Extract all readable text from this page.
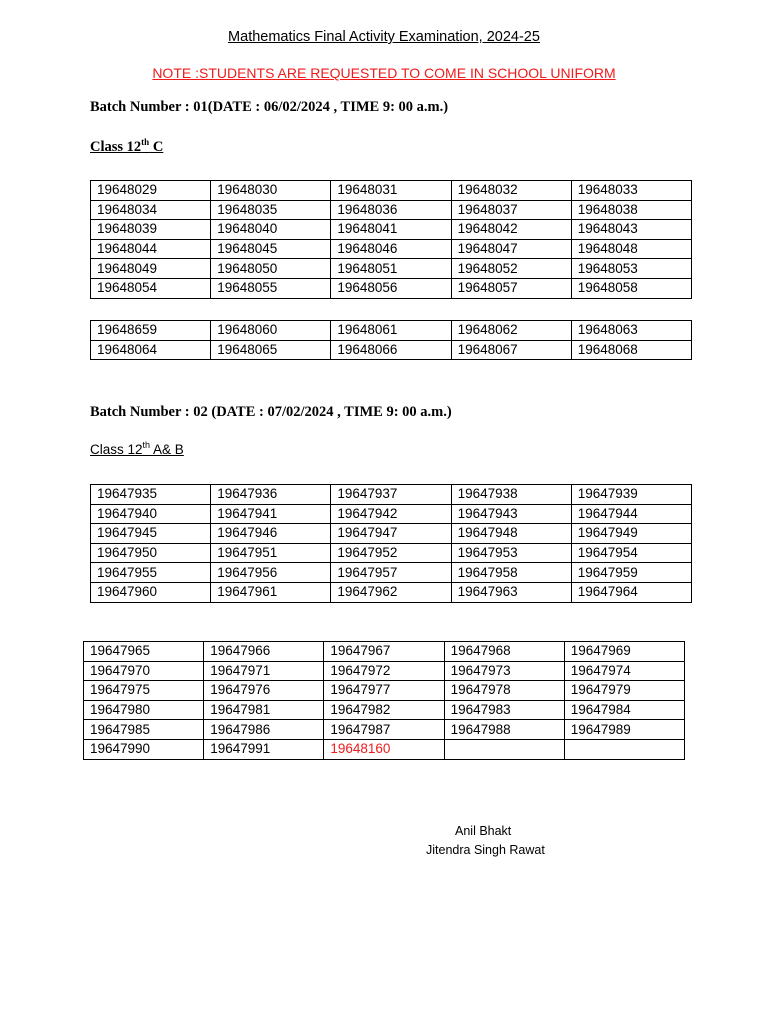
Mathematics Final Activity Examination, 2024-25
NOTE :STUDENTS ARE REQUESTED TO COME IN SCHOOL UNIFORM
Batch Number : 01(DATE : 06/02/2024 , TIME 9: 00 a.m.)
Class 12th C
19648029	19648030	19648031	19648032	19648033
19648034	19648035	19648036	19648037	19648038
19648039	19648040	19648041	19648042	19648043
19648044	19648045	19648046	19648047	19648048
19648049	19648050	19648051	19648052	19648053
19648054	19648055	19648056	19648057	19648058
19648659	19648060	19648061	19648062	19648063
19648064	19648065	19648066	19648067	19648068
Batch Number : 02 (DATE : 07/02/2024 , TIME 9: 00 a.m.)
Class 12th A& B
19647935	19647936	19647937	19647938	19647939
19647940	19647941	19647942	19647943	19647944
19647945	19647946	19647947	19647948	19647949
19647950	19647951	19647952	19647953	19647954
19647955	19647956	19647957	19647958	19647959
19647960	19647961	19647962	19647963	19647964
19647965	19647966	19647967	19647968	19647969
19647970	19647971	19647972	19647973	19647974
19647975	19647976	19647977	19647978	19647979
19647980	19647981	19647982	19647983	19647984
19647985	19647986	19647987	19647988	19647989
19647990	19647991	19648160		
Anil Bhakt
Jitendra Singh Rawat
